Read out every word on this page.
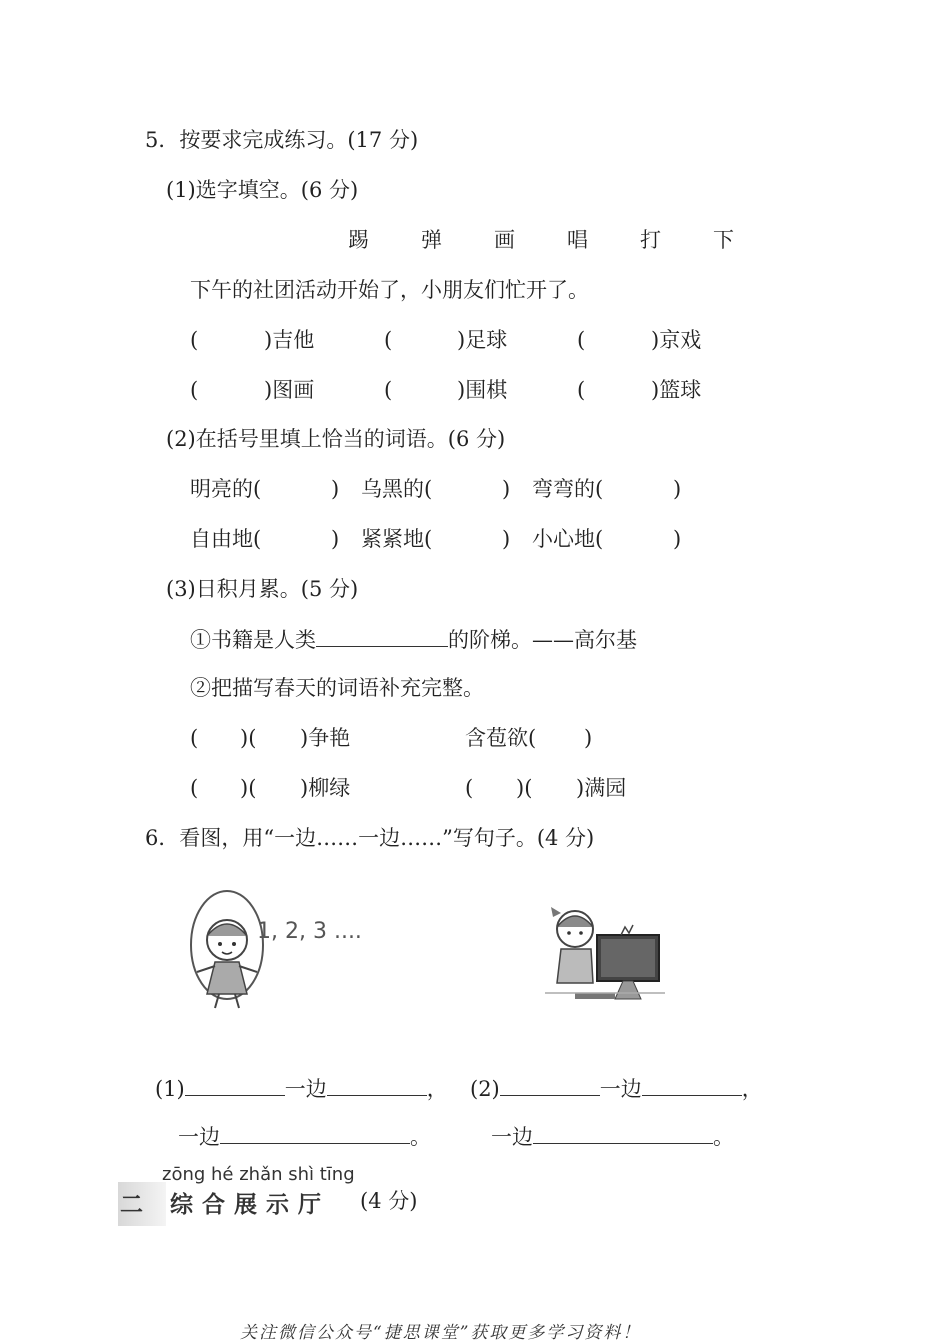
5．按要求完成练习。(17 分)
(1)选字填空。(6 分)
踢 弹 画 唱 打 下
下午的社团活动开始了，小朋友们忙开了。
(	)吉他	(	)足球	(	)京戏
(	)图画	(	)围棋	(	)篮球
(2)在括号里填上恰当的词语。(6 分)
明亮的(	) 乌黑的(	) 弯弯的(	)
自由地(	) 紧紧地(	) 小心地(	)
(3)日积月累。(5 分)
①书籍是人类	的阶梯。——高尔基
②把描写春天的词语补充完整。
( )( )争艳	含苞欲( )
( )( )柳绿	( )( )满园
6．看图，用“一边……一边……”写句子。(4 分)
1, 2, 3 ....
(1)	一边	， (2)	一边	，
一边	。	一边	。
zōng hé zhǎn shì tīng
二 综合展示厅 (4 分)
关注微信公众号“捷思课堂”获取更多学习资料！
